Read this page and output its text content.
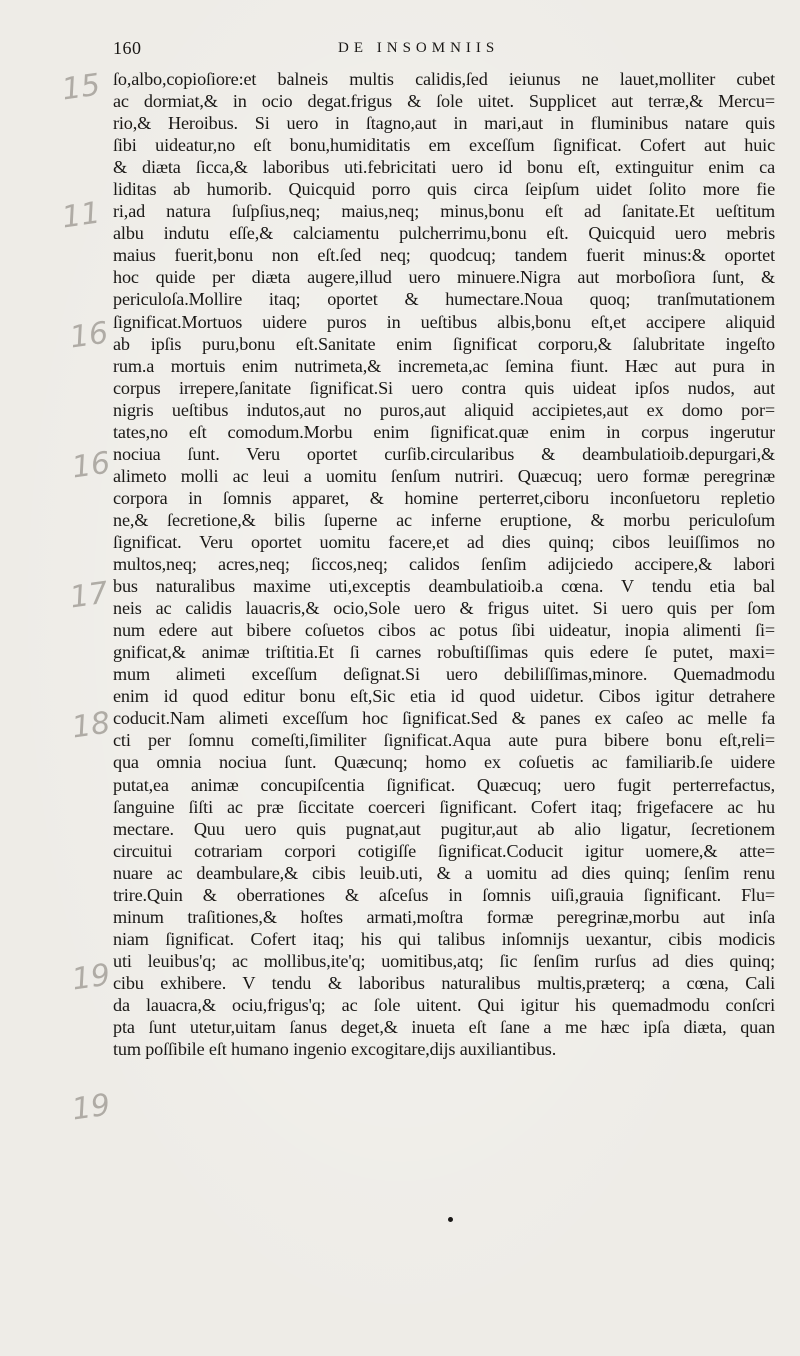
160	DE INSOMNIIS
15
11
16
16
17
18
19
19
ſo,albo,copioſiore:et balneis multis calidis,ſed ieiunus ne lauet,molliter cubet
ac dormiat,& in ocio degat.frigus & ſole uitet. Supplicet aut terræ,& Mercu=
rio,& Heroibus. Si uero in ſtagno,aut in mari,aut in fluminibus natare quis
ſibi uideatur,no eſt bonu,humiditatis em exceſſum ſignificat. Cofert aut huic
& diæta ſicca,& laboribus uti.febricitati uero id bonu eſt, extinguitur enim ca
liditas ab humorib. Quicquid porro quis circa ſeipſum uidet ſolito more fie
ri,ad natura ſuſpſius,neq; maius,neq; minus,bonu eſt ad ſanitate.Et ueſtitum
albu indutu eſſe,& calciamentu pulcherrimu,bonu eſt. Quicquid uero mebris
maius fuerit,bonu non eſt.ſed neq; quodcuq; tandem fuerit minus:& oportet
hoc quide per diæta augere,illud uero minuere.Nigra aut morboſiora ſunt, &
periculoſa.Mollire itaq; oportet & humectare.Noua quoq; tranſmutationem
ſignificat.Mortuos uidere puros in ueſtibus albis,bonu eſt,et accipere aliquid
ab ipſis puru,bonu eſt.Sanitate enim ſignificat corporu,& ſalubritate ingeſto
rum.a mortuis enim nutrimeta,& incremeta,ac ſemina fiunt. Hæc aut pura in
corpus irrepere,ſanitate ſignificat.Si uero contra quis uideat ipſos nudos, aut
nigris ueſtibus indutos,aut no puros,aut aliquid accipietes,aut ex domo por=
tates,no eſt comodum.Morbu enim ſignificat.quæ enim in corpus ingerutur
nociua ſunt. Veru oportet curſib.circularibus & deambulatioib.depurgari,&
alimeto molli ac leui a uomitu ſenſum nutriri. Quæcuq; uero formæ peregrinæ
corpora in ſomnis apparet, & homine perterret,ciboru inconſuetoru repletio
ne,& ſecretione,& bilis ſuperne ac inferne eruptione, & morbu periculoſum
ſignificat. Veru oportet uomitu facere,et ad dies quinq; cibos leuiſſimos no
multos,neq; acres,neq; ſiccos,neq; calidos ſenſim adijciedo accipere,& labori
bus naturalibus maxime uti,exceptis deambulatioib.a cœna. V tendu etia bal
neis ac calidis lauacris,& ocio,Sole uero & frigus uitet. Si uero quis per ſom
num edere aut bibere coſuetos cibos ac potus ſibi uideatur, inopia alimenti ſi=
gnificat,& animæ triſtitia.Et ſi carnes robuſtiſſimas quis edere ſe putet, maxi=
mum alimeti exceſſum deſignat.Si uero debiliſſimas,minore. Quemadmodu
enim id quod editur bonu eſt,Sic etia id quod uidetur. Cibos igitur detrahere
coducit.Nam alimeti exceſſum hoc ſignificat.Sed & panes ex caſeo ac melle fa
cti per ſomnu comeſti,ſimiliter ſignificat.Aqua aute pura bibere bonu eſt,reli=
qua omnia nociua ſunt. Quæcunq; homo ex coſuetis ac familiarib.ſe uidere
putat,ea animæ concupiſcentia ſignificat. Quæcuq; uero fugit perterrefactus,
ſanguine ſiſti ac præ ſiccitate coerceri ſignificant. Cofert itaq; frigefacere ac hu
mectare. Quu uero quis pugnat,aut pugitur,aut ab alio ligatur, ſecretionem
circuitui cotrariam corpori cotigiſſe ſignificat.Coducit igitur uomere,& atte=
nuare ac deambulare,& cibis leuib.uti, & a uomitu ad dies quinq; ſenſim renu
trire.Quin & oberrationes & aſceſus in ſomnis uiſi,grauia ſignificant. Flu=
minum traſitiones,& hoſtes armati,moſtra formæ peregrinæ,morbu aut inſa
niam ſignificat. Cofert itaq; his qui talibus inſomnijs uexantur, cibis modicis
uti leuibus'q; ac mollibus,ite'q; uomitibus,atq; ſic ſenſim rurſus ad dies quinq;
cibu exhibere. V tendu & laboribus naturalibus multis,præterq; a cœna, Cali
da lauacra,& ociu,frigus'q; ac ſole uitent. Qui igitur his quemadmodu conſcri
pta ſunt utetur,uitam ſanus deget,& inueta eſt ſane a me hæc ipſa diæta, quan
tum poſſibile eſt humano ingenio excogitare,dijs auxiliantibus.
